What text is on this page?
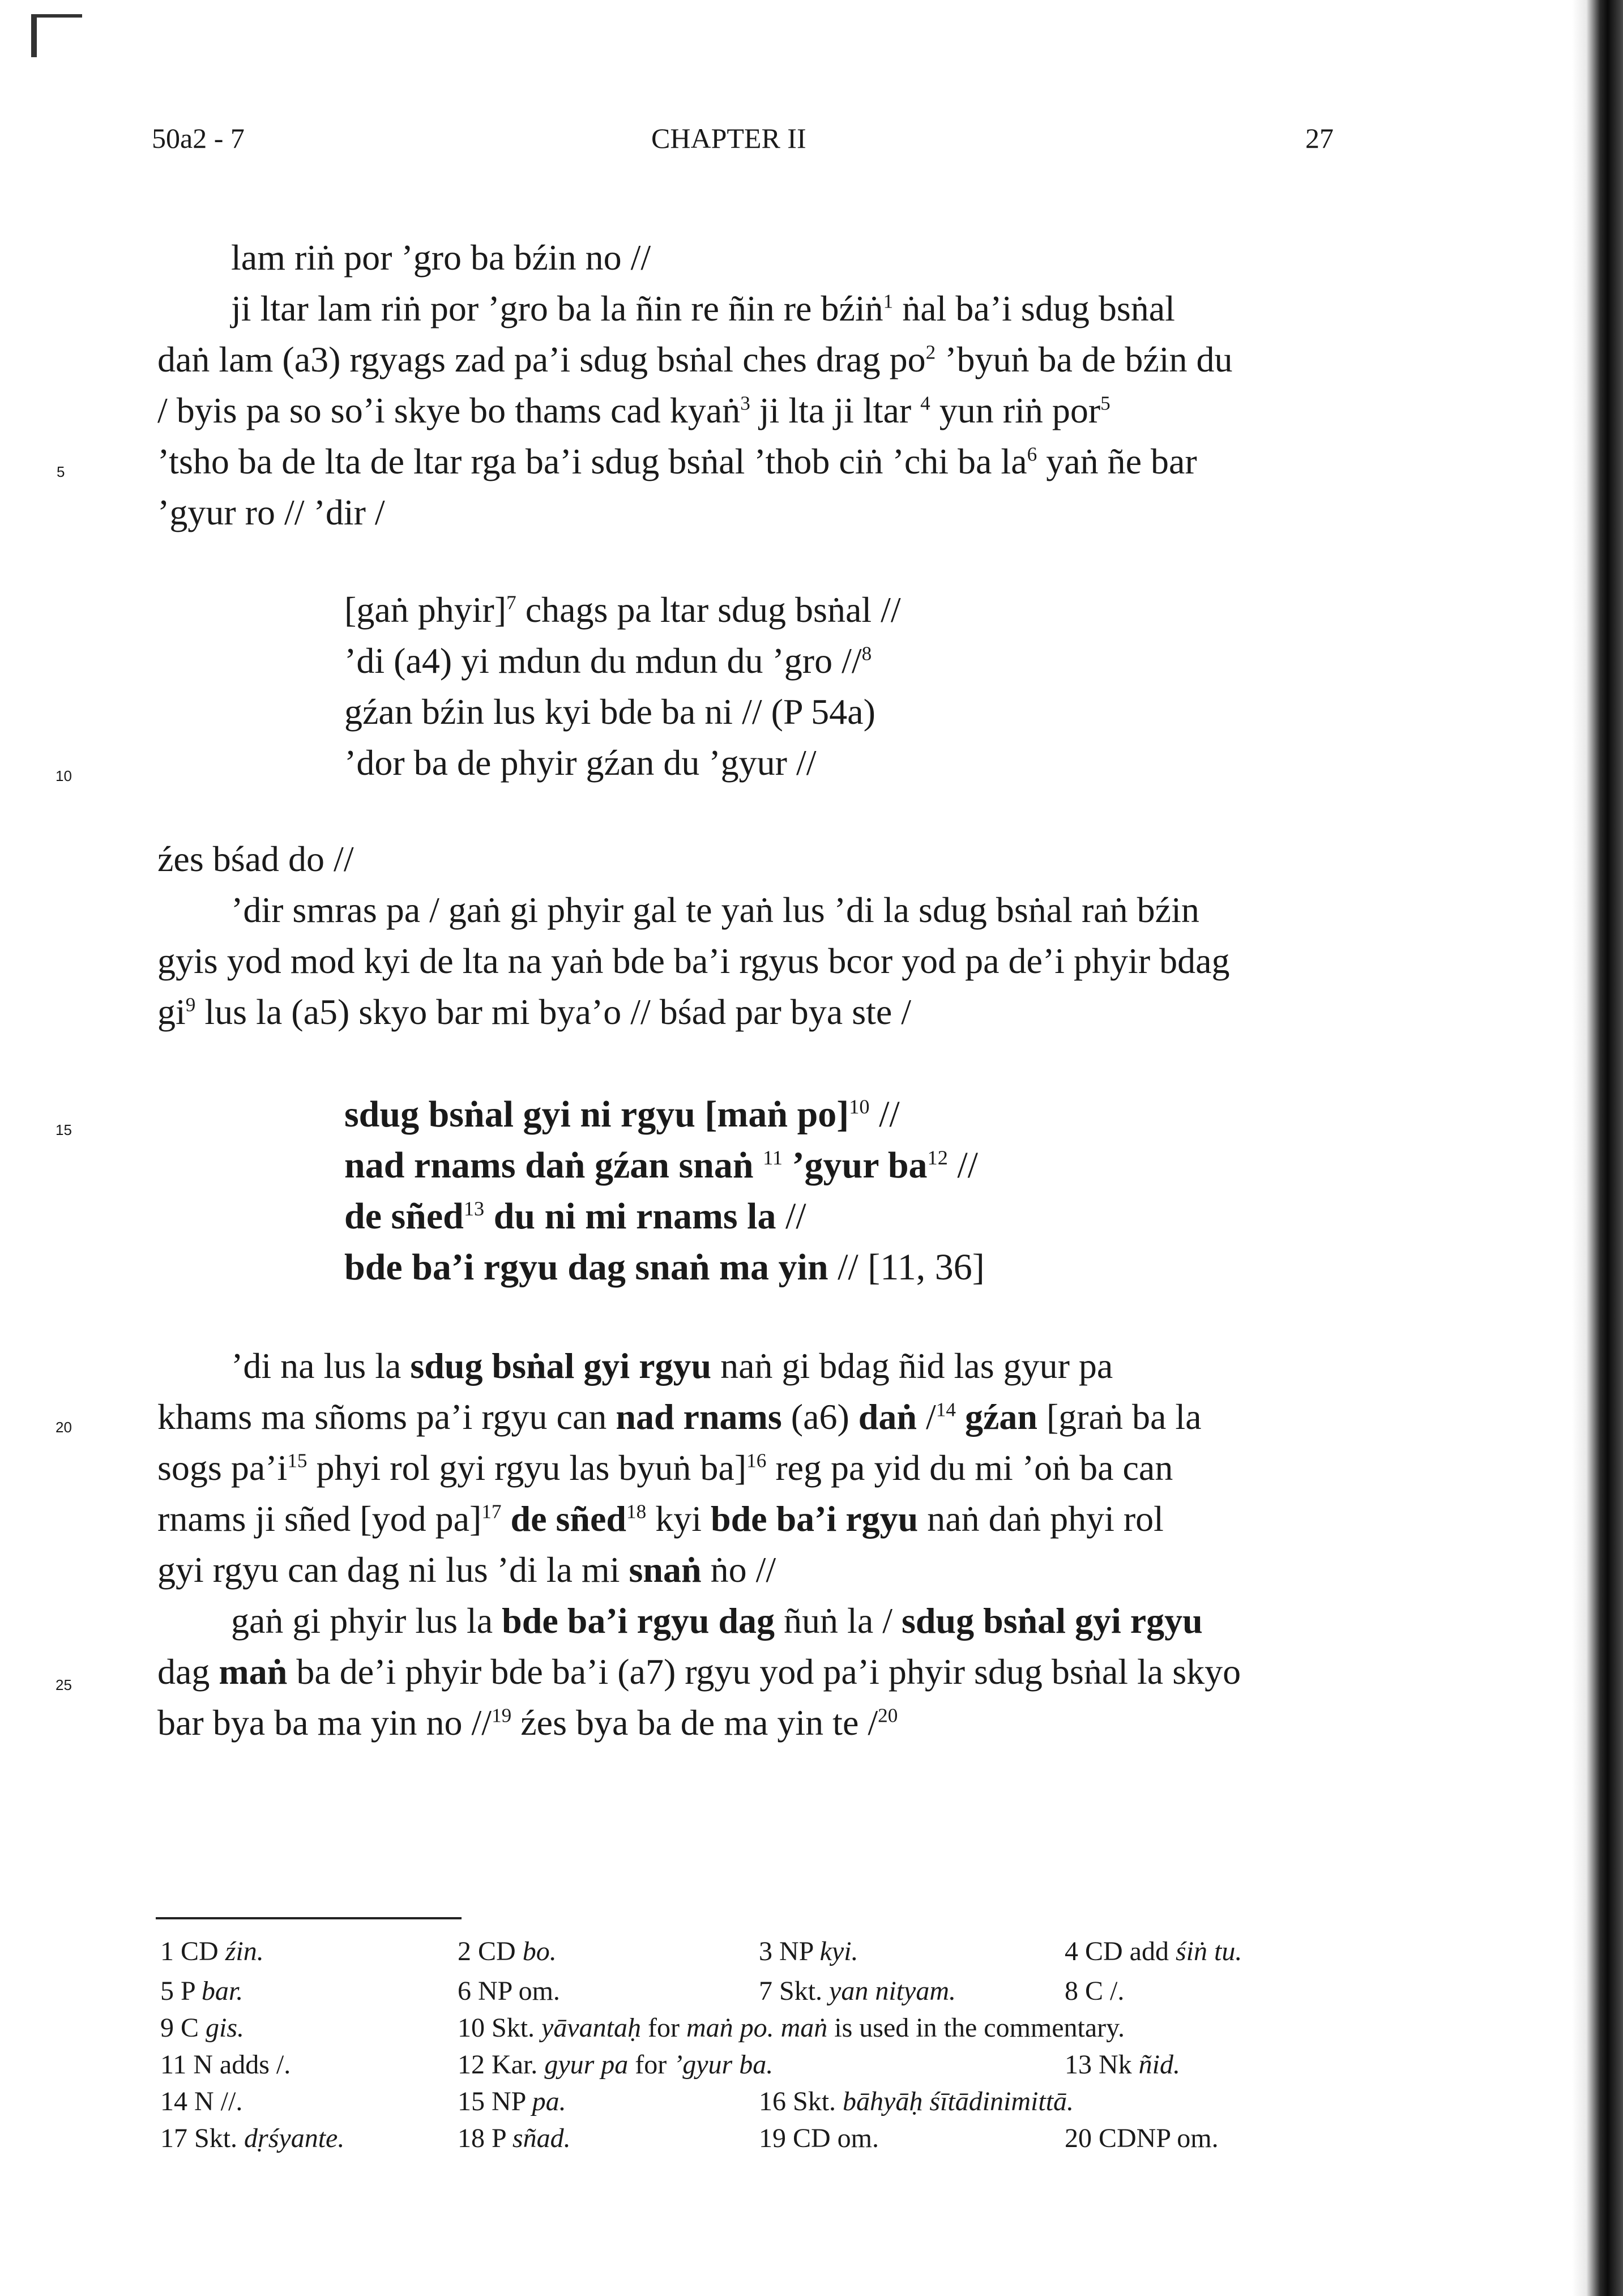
50a2 - 7	CHAPTER II	27
5
10
15
20
25
lam riṅ por ’gro ba bźin no //
ji ltar lam riṅ por ’gro ba la ñin re ñin re bźiṅ$^1$ ṅal ba’i sdug bsṅal
daṅ lam (a3) rgyags zad pa’i sdug bsṅal ches drag $po^2$ ’byuṅ ba de bźin du
/ byis pa so so’i skye bo thams cad kyaṅ$^3$ ji lta ji ltar $^4$ yun riṅ por$^5$
’tsho ba de lta de ltar rga ba’i sdug bsṅal ’thob ciṅ ’chi ba $la^6$ yaṅ ñe bar
’gyur ro // ’dir /
[gaṅ phyir]$^7$ chags pa ltar sdug bsṅal //
’di (a4) yi mdun du mdun du ’gro //$^8$
gźan bźin lus kyi bde ba ni // (P 54a)
’dor ba de phyir gźan du ’gyur //
źes bśad do //
’dir smras pa / gaṅ gi phyir gal te yaṅ lus ’di la sdug bsṅal raṅ bźin
gyis yod mod kyi de lta na yaṅ bde ba’i rgyus bcor yod pa de’i phyir bdag
$gi^9$ lus la (a5) skyo bar mi bya’o // bśad par bya ste /
sdug bsṅal gyi ni rgyu [maṅ po]$^{10}$ //
nad rnams daṅ gźan snaṅ $^{11}$ ’gyur $ba^{12}$ //
de sñed$^{13}$ du ni mi rnams la //
bde ba’i rgyu dag snaṅ ma yin // [11, 36]
’di na lus la sdug bsṅal gyi rgyu naṅ gi bdag ñid las gyur pa
khams ma sñoms pa’i rgyu can nad rnams (a6) daṅ /$^{14}$ gźan [graṅ ba la
sogs $pa’i^{15}$ phyi rol gyi rgyu las byuṅ ba]$^{16}$ reg pa yid du mi ’oṅ ba can
rnams ji sñed [yod pa]$^{17}$ de sñed$^{18}$ kyi bde ba’i rgyu naṅ daṅ phyi rol
gyi rgyu can dag ni lus ’di la mi snaṅ ṅo //
gaṅ gi phyir lus la bde ba’i rgyu dag ñuṅ la / sdug bsṅal gyi rgyu
dag maṅ ba de’i phyir bde ba’i (a7) rgyu yod pa’i phyir sdug bsṅal la skyo
bar bya ba ma yin no //$^{19}$ źes bya ba de ma yin te /$^{20}$
1 CD źin.	2 CD bo.	3 NP kyi.	4 CD add śiṅ tu.
5 P bar.	6 NP om.	7 Skt. yan nityam.	8 C /.
9 C gis.	10 Skt. yāvantaḥ for maṅ po. maṅ is used in the commentary.
11 N adds /.	12 Kar. gyur pa for ’gyur ba.	13 Nk ñid.
14 N //.	15 NP pa.	16 Skt. bāhyāḥ śītādinimittā.
17 Skt. dṛśyante.	18 P sñad.	19 CD om.	20 CDNP om.
